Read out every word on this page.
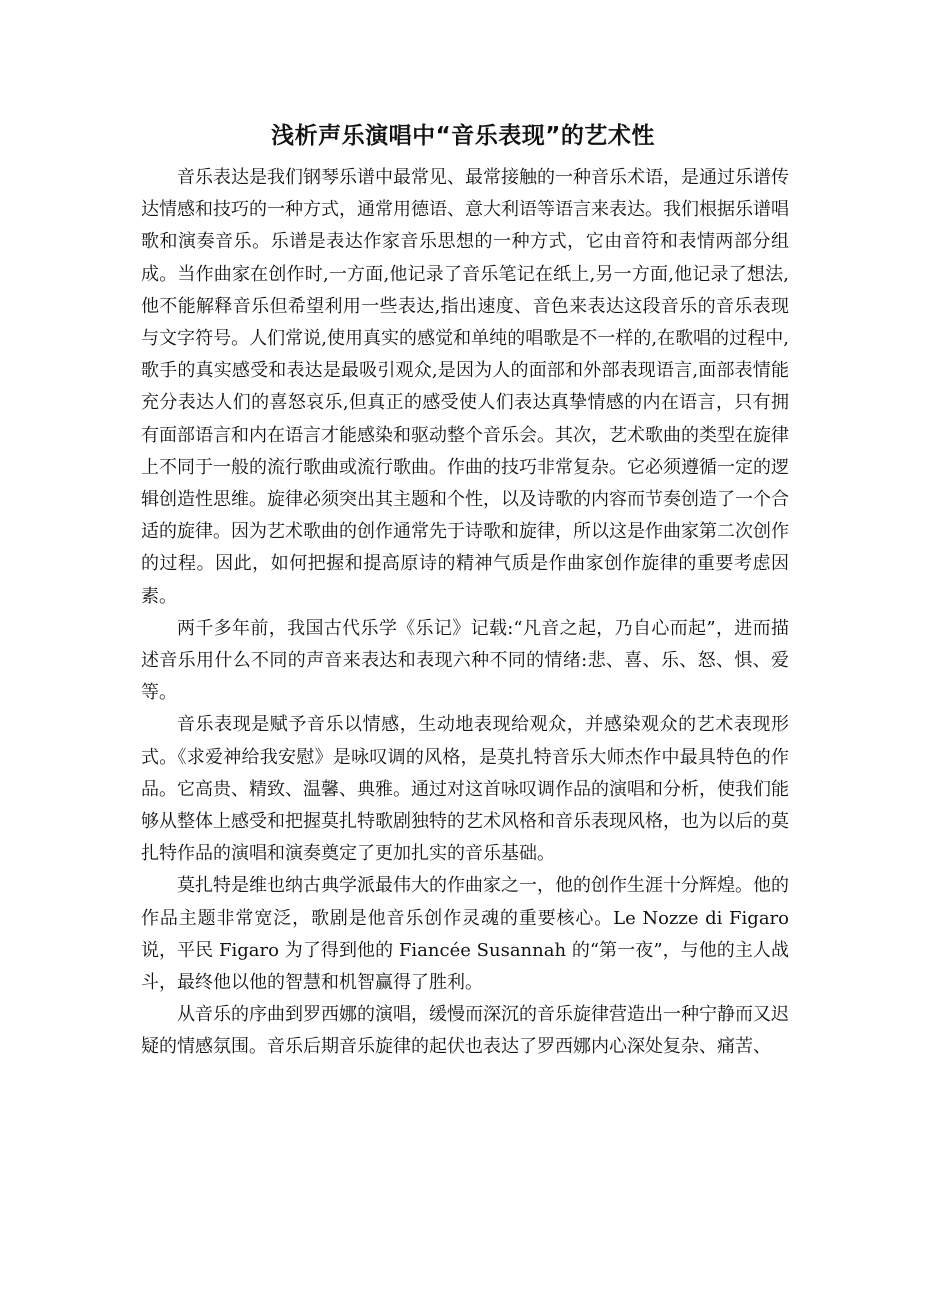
浅析声乐演唱中“音乐表现”的艺术性

音乐表达是我们钢琴乐谱中最常见、最常接触的一种音乐术语，是通过乐谱传达情感和技巧的一种方式，通常用德语、意大利语等语言来表达。我们根据乐谱唱歌和演奏音乐。乐谱是表达作家音乐思想的一种方式，它由音符和表情两部分组成。当作曲家在创作时,一方面,他记录了音乐笔记在纸上,另一方面,他记录了想法,他不能解释音乐但希望利用一些表达,指出速度、音色来表达这段音乐的音乐表现与文字符号。人们常说,使用真实的感觉和单纯的唱歌是不一样的,在歌唱的过程中,歌手的真实感受和表达是最吸引观众,是因为人的面部和外部表现语言,面部表情能充分表达人们的喜怒哀乐,但真正的感受使人们表达真挚情感的内在语言，只有拥有面部语言和内在语言才能感染和驱动整个音乐会。其次，艺术歌曲的类型在旋律上不同于一般的流行歌曲或流行歌曲。作曲的技巧非常复杂。它必须遵循一定的逻辑创造性思维。旋律必须突出其主题和个性，以及诗歌的内容而节奏创造了一个合适的旋律。因为艺术歌曲的创作通常先于诗歌和旋律，所以这是作曲家第二次创作的过程。因此，如何把握和提高原诗的精神气质是作曲家创作旋律的重要考虑因素。

两千多年前，我国古代乐学《乐记》记载:“凡音之起，乃自心而起”，进而描述音乐用什么不同的声音来表达和表现六种不同的情绪:悲、喜、乐、怒、惧、爱等。

音乐表现是赋予音乐以情感，生动地表现给观众，并感染观众的艺术表现形式。《求爱神给我安慰》是咏叹调的风格，是莫扎特音乐大师杰作中最具特色的作品。它高贵、精致、温馨、典雅。通过对这首咏叹调作品的演唱和分析，使我们能够从整体上感受和把握莫扎特歌剧独特的艺术风格和音乐表现风格，也为以后的莫扎特作品的演唱和演奏奠定了更加扎实的音乐基础。

莫扎特是维也纳古典学派最伟大的作曲家之一，他的创作生涯十分辉煌。他的作品主题非常宽泛，歌剧是他音乐创作灵魂的重要核心。Le Nozze di Figaro 说，平民 Figaro 为了得到他的 Fiancée Susannah 的“第一夜”，与他的主人战斗，最终他以他的智慧和机智赢得了胜利。

从音乐的序曲到罗西娜的演唱，缓慢而深沉的音乐旋律营造出一种宁静而又迟疑的情感氛围。音乐后期音乐旋律的起伏也表达了罗西娜内心深处复杂、痛苦、
